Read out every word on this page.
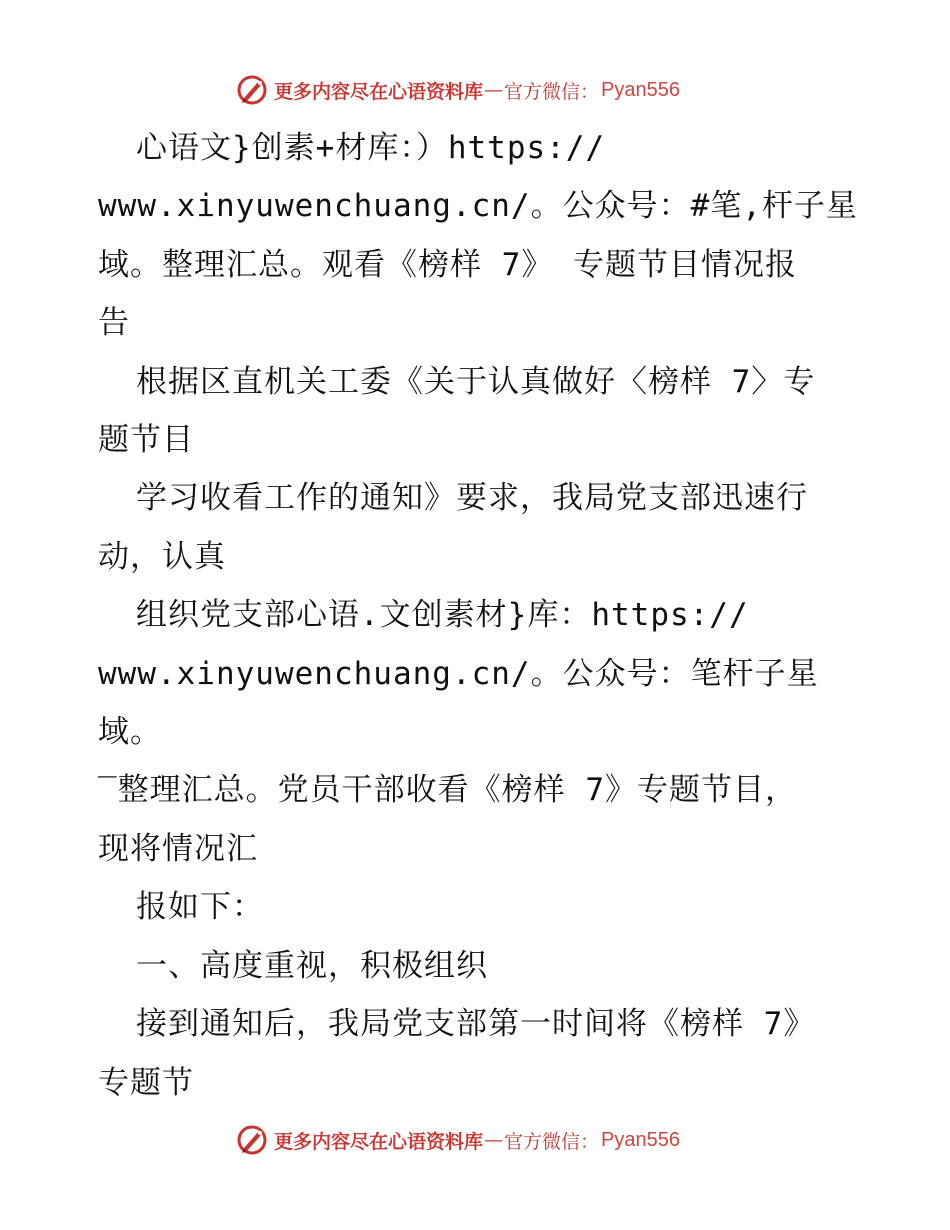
更多内容尽在心语资料库 — 官方微信： Pyan556

心语文}创素+材库：）https://

www.xinyuwenchuang.cn/。公众号：#笔,杆子星

域。整理汇总。观看《榜样 7》 专题节目情况报

告

根据区直机关工委《关于认真做好〈榜样 7〉专

题节目

学习收看工作的通知》要求，我局党支部迅速行

动，认真

组织党支部心语.文创素材}库：https://

www.xinyuwenchuang.cn/。公众号：笔杆子星域。

‾整理汇总。党员干部收看《榜样 7》专题节目，

现将情况汇

报如下：

一、高度重视，积极组织

接到通知后，我局党支部第一时间将《榜样 7》

专题节

更多内容尽在心语资料库 — 官方微信： Pyan556
